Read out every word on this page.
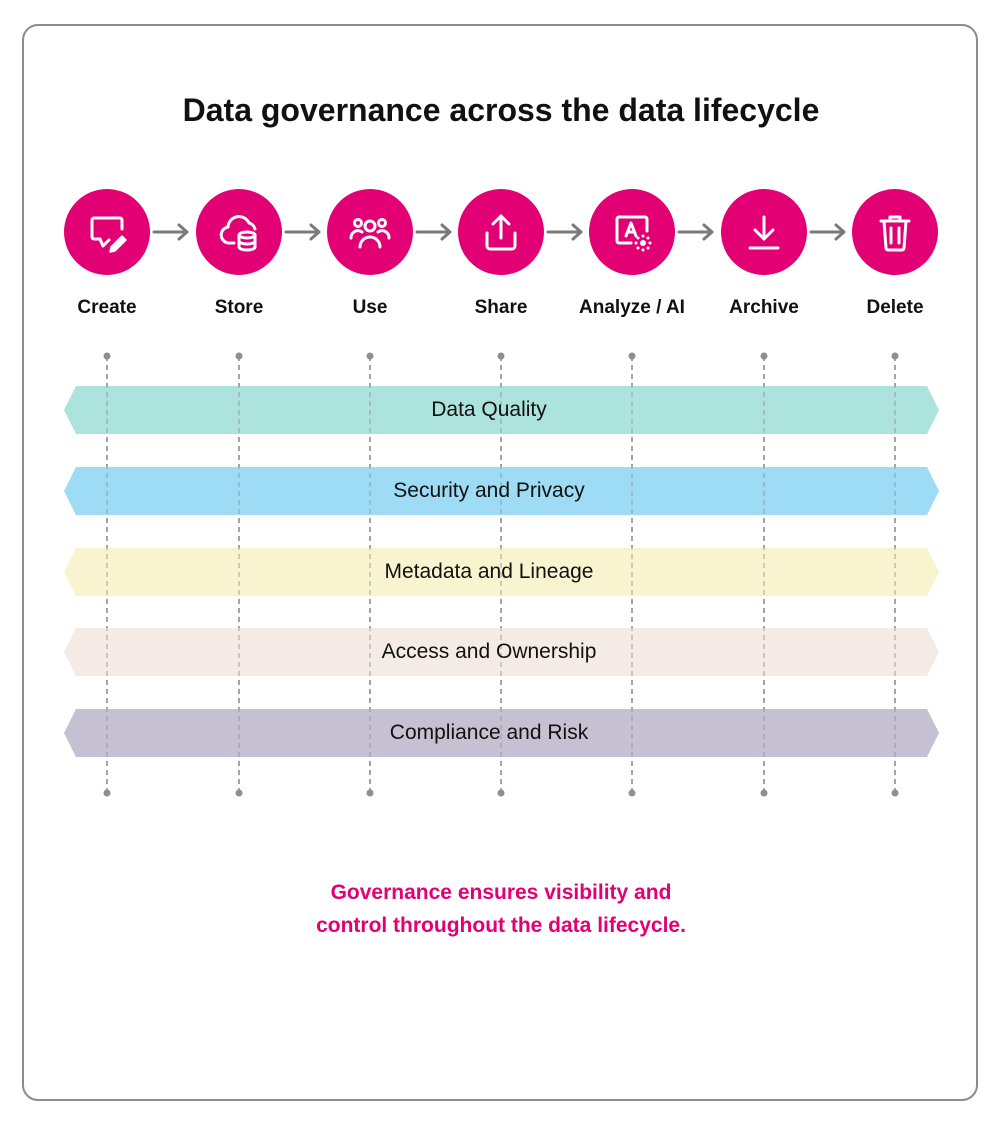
Data governance across the data lifecycle
Data Quality
Security and Privacy
Metadata and Lineage
Access and Ownership
Compliance and Risk
Create	Store	Use	Share	Analyze / AI	Archive	Delete
Governance ensures visibility and
control throughout the data lifecycle.
